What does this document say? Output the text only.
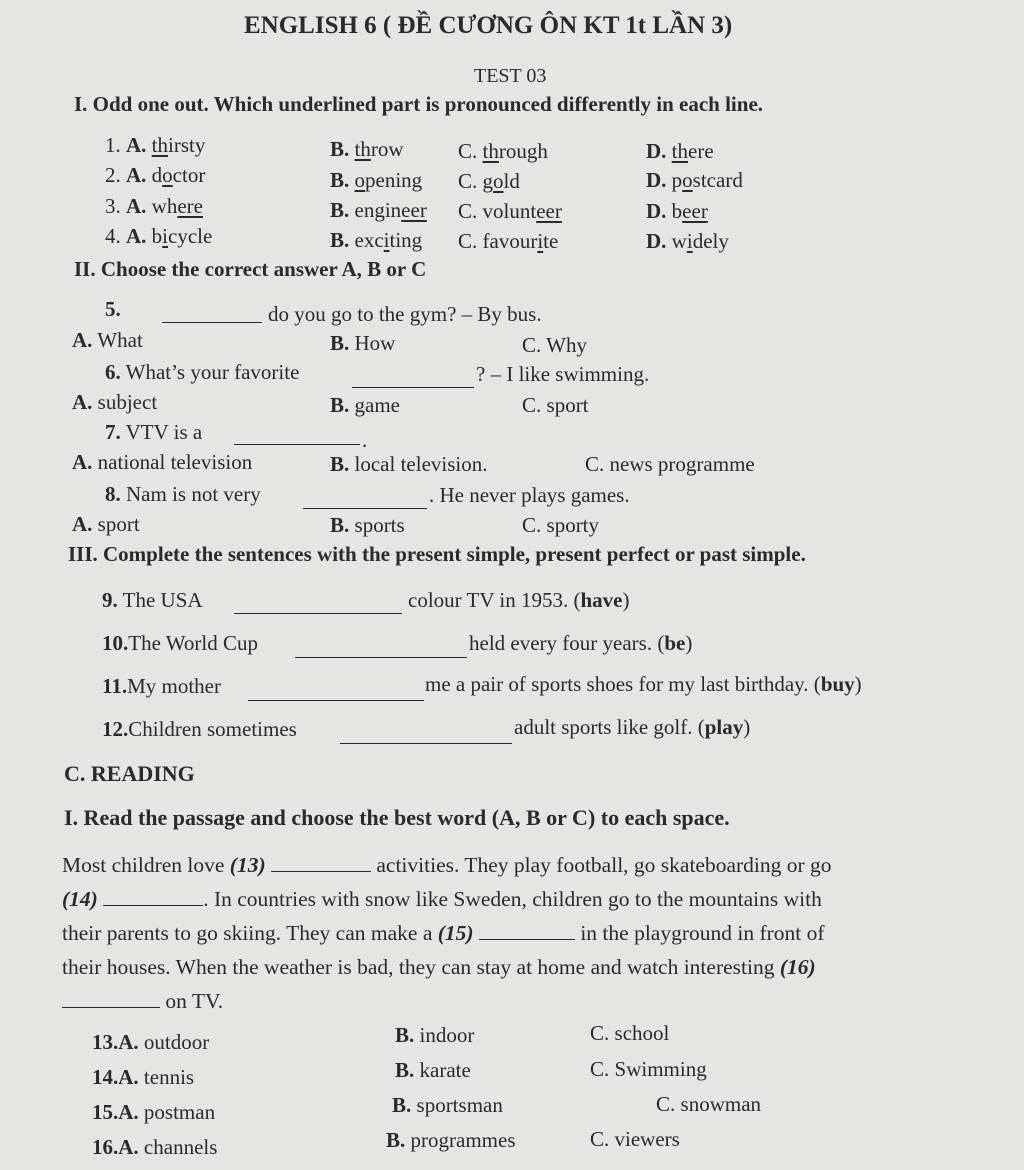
ENGLISH 6 ( ĐỀ CƯƠNG ÔN KT 1t LẦN 3)
TEST 03
I. Odd one out. Which underlined part is pronounced differently in each line.
1. A. thirsty	B. throw	C. through	D. there
2. A. doctor	B. opening C. gold	D. postcard
3. A. where	B. engineer C. volunteer	D. beer
4. A. bicycle	B. exciting C. favourite	D. widely
II. Choose the correct answer A, B or C
5.	do you go to the gym? – By bus.
A. What	B. How	C. Why
6. What’s your favorite	? – I like swimming.
A. subject	B. game	C. sport
7. VTV is a	.
A. national television	B. local television.	C. news programme
8. Nam is not very	. He never plays games.
A. sport	B. sports	C. sporty
III. Complete the sentences with the present simple, present perfect or past simple.
9. The USA	colour TV in 1953. (have)
10.The World Cup	held every four years. (be)
11.My mother	me a pair of sports shoes for my last birthday. (buy)
12.Children sometimes	adult sports like golf. (play)
C. READING
I. Read the passage and choose the best word (A, B or C) to each space.
Most children love (13)	activities. They play football, go skateboarding or go
(14)	. In countries with snow like Sweden, children go to the mountains with
their parents to go skiing. They can make a (15)	in the playground in front of
their houses. When the weather is bad, they can stay at home and watch interesting (16)
on TV.
13.A. outdoor	B. indoor	C. school
14.A. tennis	B. karate	C. Swimming
15.A. postman	B. sportsman	C. snowman
16.A. channels	B. programmes	C. viewers
